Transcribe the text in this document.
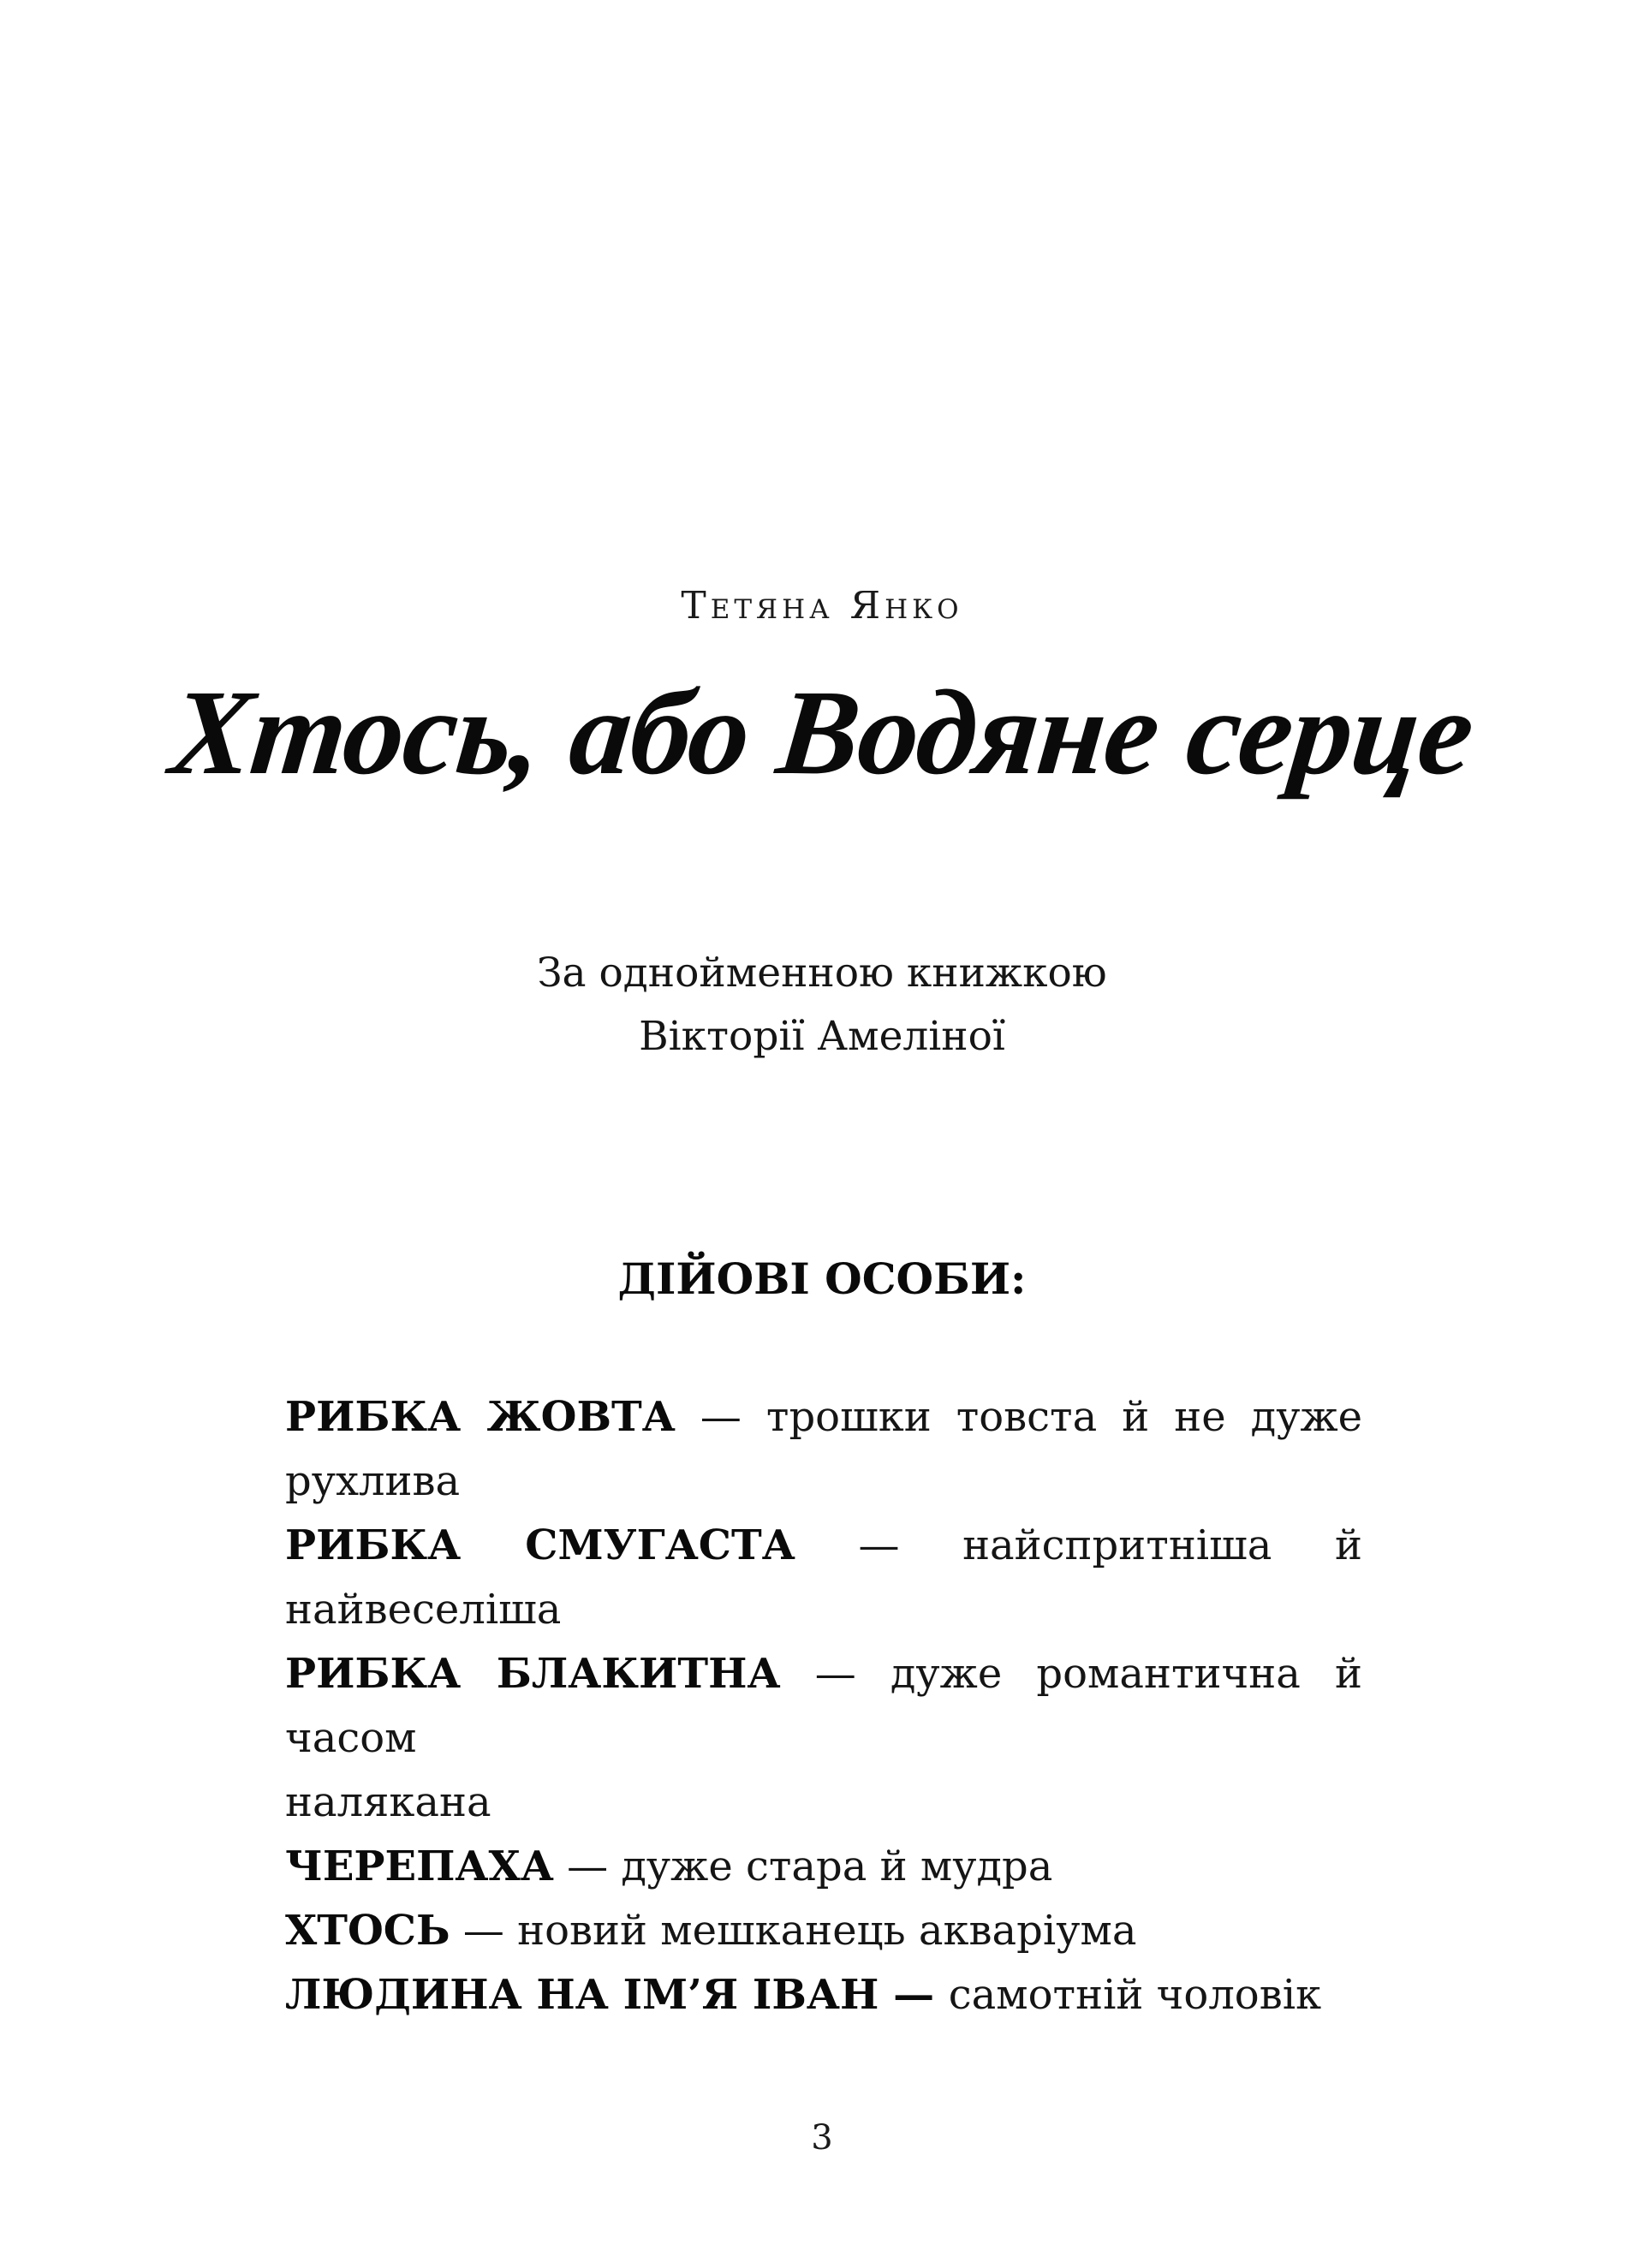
Тетяна Янко
Хтось, або Водяне серце
За однойменною книжкою
Вікторії Амеліної
ДІЙОВІ ОСОБИ:
РИБКА ЖОВТА — трошки товста й не дуже рухлива
РИБКА СМУГАСТА — найспритніша й найвеселіша
РИБКА БЛАКИТНА — дуже романтична й часом
налякана
ЧЕРЕПАХА — дуже стара й мудра
ХТОСЬ — новий мешканець акваріума
ЛЮДИНА НА ІМ’Я ІВАН — самотній чоловік
3
